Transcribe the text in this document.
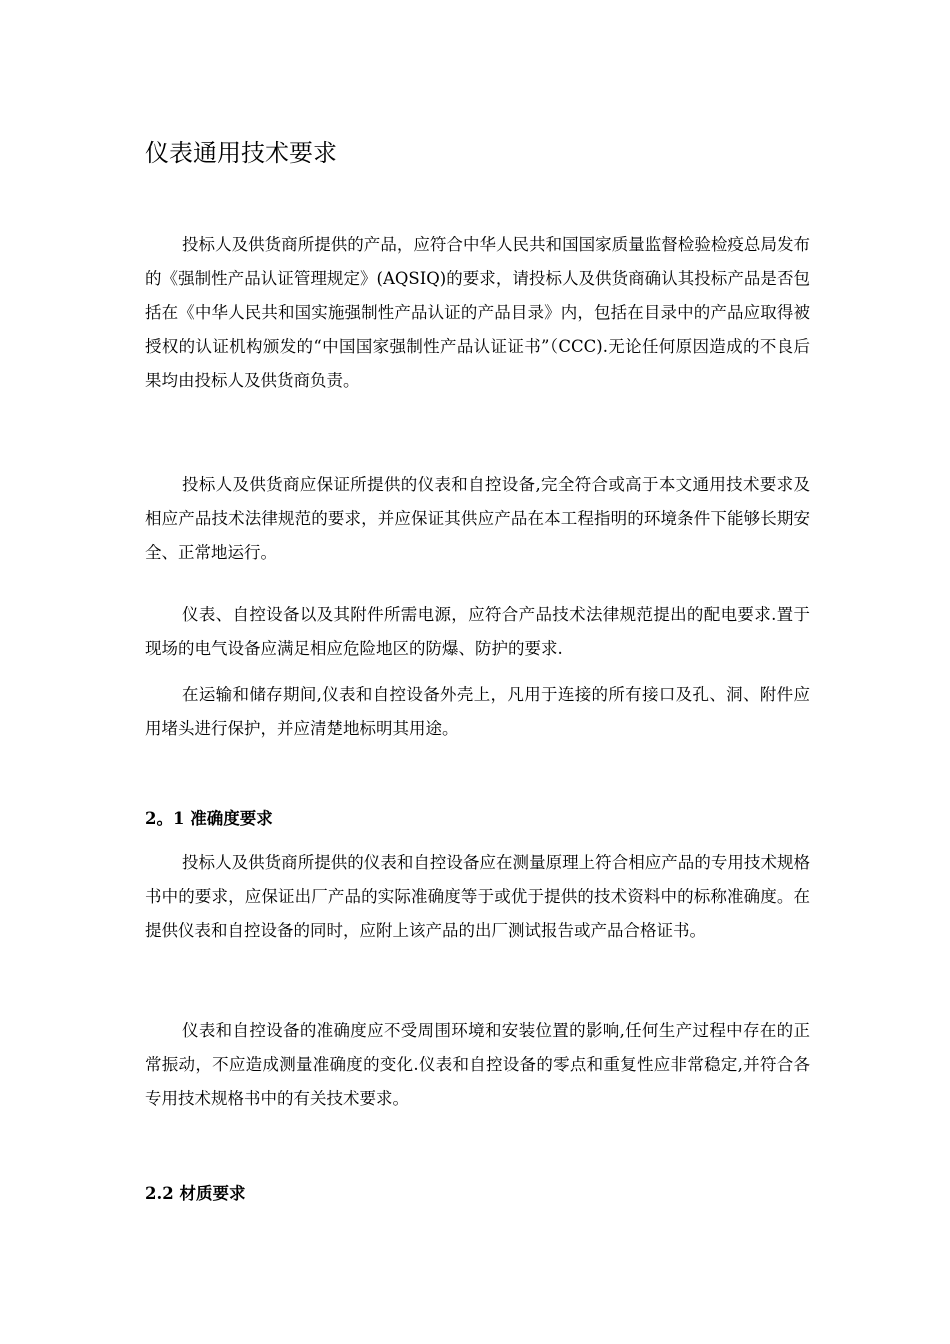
仪表通用技术要求

投标人及供货商所提供的产品，应符合中华人民共和国国家质量监督检验检疫总局发布的《强制性产品认证管理规定》(AQSIQ)的要求，请投标人及供货商确认其投标产品是否包括在《中华人民共和国实施强制性产品认证的产品目录》内，包括在目录中的产品应取得被授权的认证机构颁发的“中国国家强制性产品认证证书”（CCC).无论任何原因造成的不良后果均由投标人及供货商负责。

投标人及供货商应保证所提供的仪表和自控设备,完全符合或高于本文通用技术要求及相应产品技术法律规范的要求，并应保证其供应产品在本工程指明的环境条件下能够长期安全、正常地运行。

仪表、自控设备以及其附件所需电源，应符合产品技术法律规范提出的配电要求.置于现场的电气设备应满足相应危险地区的防爆、防护的要求.

在运输和储存期间,仪表和自控设备外壳上，凡用于连接的所有接口及孔、洞、附件应用堵头进行保护，并应清楚地标明其用途。

2。1 准确度要求

投标人及供货商所提供的仪表和自控设备应在测量原理上符合相应产品的专用技术规格书中的要求，应保证出厂产品的实际准确度等于或优于提供的技术资料中的标称准确度。在提供仪表和自控设备的同时，应附上该产品的出厂测试报告或产品合格证书。

仪表和自控设备的准确度应不受周围环境和安装位置的影响,任何生产过程中存在的正常振动，不应造成测量准确度的变化.仪表和自控设备的零点和重复性应非常稳定,并符合各专用技术规格书中的有关技术要求。

2.2 材质要求
